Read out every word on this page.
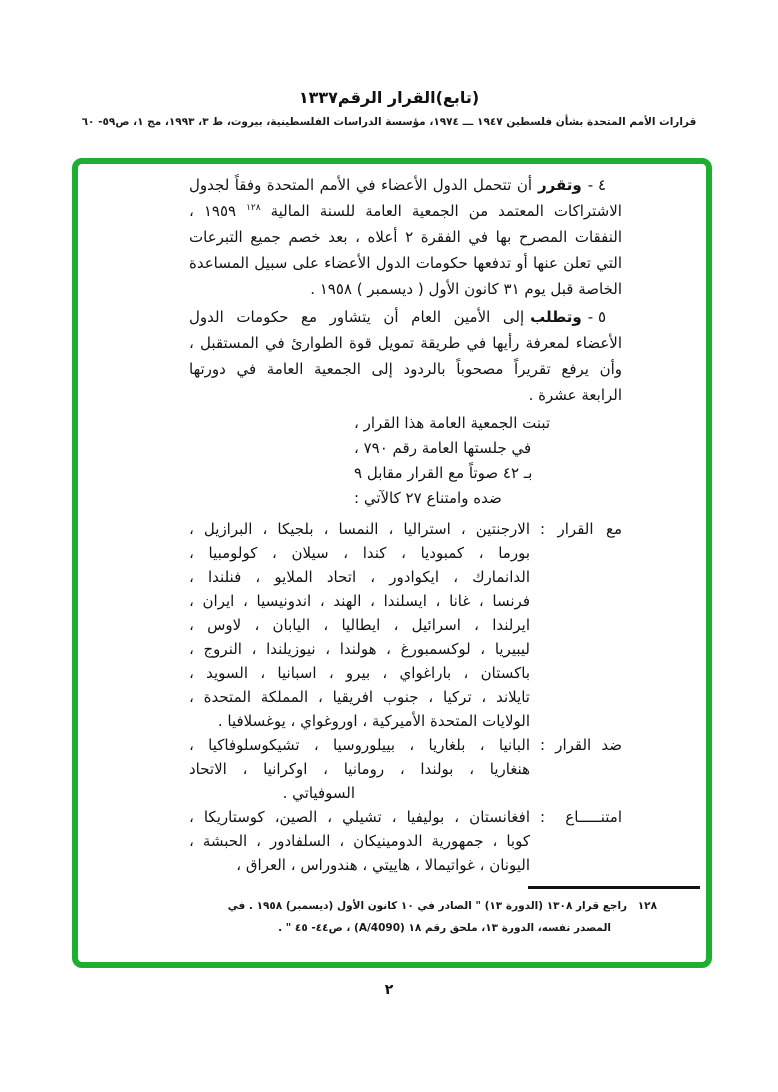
(تابع)القرار الرقم١٣٣٧
قرارات الأمم المتحدة بشأن فلسطين ١٩٤٧ ـــ ١٩٧٤، مؤسسة الدراسات الفلسطينية، بيروت، ط ٣، ١٩٩٣، مج ١، ص٥٩- ٦٠
٤ -
وتقرر
أن تتحمل الدول الأعضاء في الأمم المتحدة وفقاً لجدول
الاشتراكات المعتمد من الجمعية العامة للسنة المالية $^{١٢٨}$ ١٩٥٩ ،
النفقات المصرح بها في الفقرة ٢ أعلاه ، بعد خصم جميع التبرعات
التي تعلن عنها أو تدفعها حكومات الدول الأعضاء على سبيل المساعدة
الخاصة قبل يوم ٣١ كانون الأول ( ديسمبر ) ١٩٥٨ .
٥ -
وتطلب
إلى الأمين العام أن يتشاور مع حكومات الدول
الأعضاء لمعرفة رأيها في طريقة تمويل قوة الطوارئ في المستقبل ،
وأن يرفع تقريراً مصحوباً بالردود إلى الجمعية العامة في دورتها
الرابعة عشرة .
تبنت الجمعية العامة هذا القرار ،
في جلستها العامة رقم ٧٩٠ ،
بـ ٤٢ صوتاً مع القرار مقابل ٩
ضده وامتناع ٢٧ كالآتي :
مع القرار :
الارجنتين ، استراليا ، النمسا ، بلجيكا ، البرازيل ،
بورما ، كمبوديا ، كندا ، سيلان ، كولومبيا ،
الدانمارك ، ايكوادور ، اتحاد الملايو ، فنلندا ،
فرنسا ، غانا ، ايسلندا ، الهند ، اندونيسيا ، ايران ،
ايرلندا ، اسرائيل ، ايطاليا ، اليابان ، لاوس ،
ليبيريا ، لوكسمبورغ ، هولندا ، نيوزيلندا ، النروج ،
باكستان ، باراغواي ، بيرو ، اسبانيا ، السويد ،
تايلاند ، تركيا ، جنوب افريقيا ، المملكة المتحدة ،
الولايات المتحدة الأميركية ، اوروغواي ، يوغسلافيا .
ضد القرار :
البانيا ، بلغاريا ، بييلوروسيا ، تشيكوسلوفاكيا ،
هنغاريا ، بولندا ، رومانيا ، اوكرانيا ، الاتحاد
السوفياتي .
امتنـــــاع :
افغانستان ، بوليفيا ، تشيلي ، الصين، كوستاريكا ،
كوبا ، جمهورية الدومينيكان ، السلفادور ، الحبشة ،
اليونان ، غواتيمالا ، هاييتي ، هندوراس ، العراق ،
١٢٨ راجع قرار ١٣٠٨ (الدورة ١٣) " الصادر في ١٠ كانون الأول (ديسمبر) ١٩٥٨ . في
المصدر نفسه، الدورة ١٣، ملحق رقم ١٨ (A/4090) ، ص٤٤- ٤٥ " .
٢
